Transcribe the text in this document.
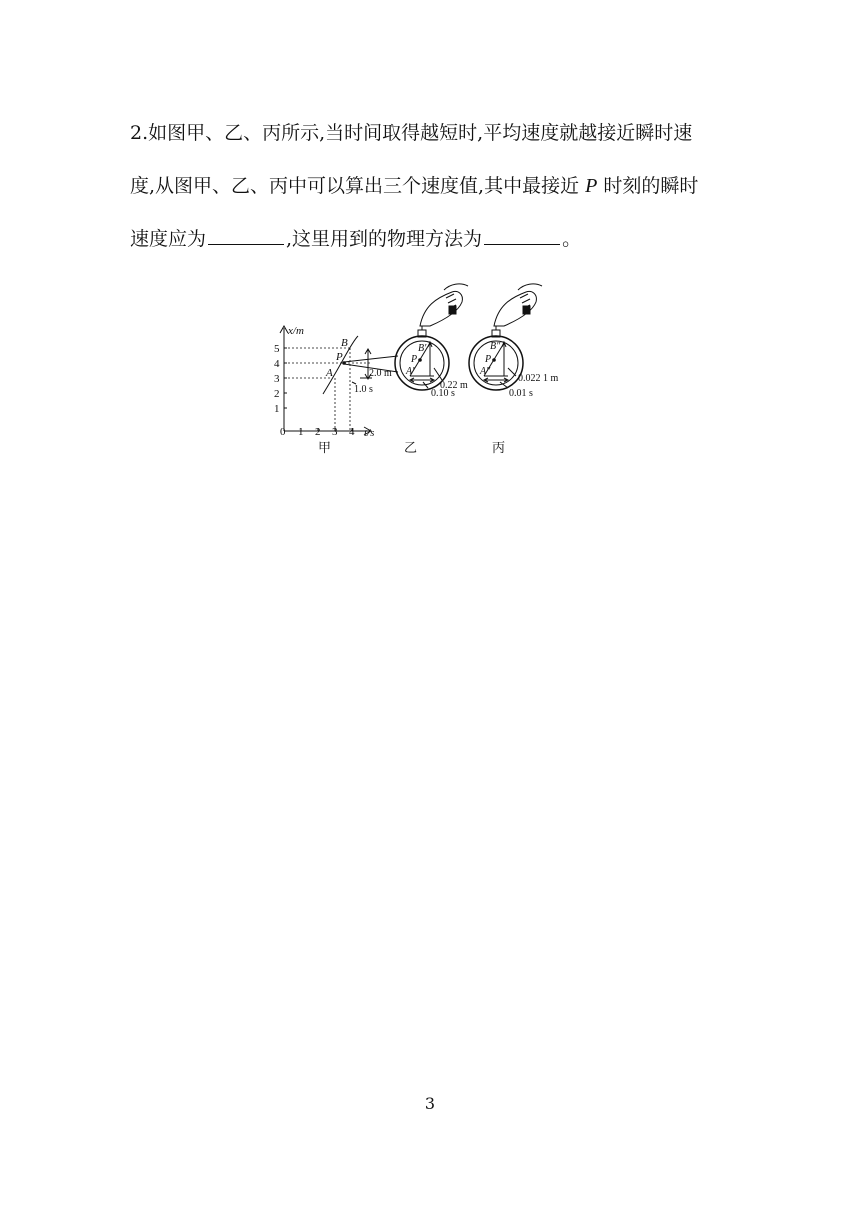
2.如图甲、乙、丙所示,当时间取得越短时,平均速度就越接近瞬时速
度,从图甲、乙、丙中可以算出三个速度值,其中最接近 P 时刻的瞬时
速度应为	,这里用到的物理方法为	。
x/m
t/s
5
4
3
2
1
0 1 2 3 4
B
P
A	2.0 m
1.0 s
B′
P
A′
0.22 m
0.10 s
B″
P
A″
0.022 1 m
0.01 s
甲	乙	丙
3
